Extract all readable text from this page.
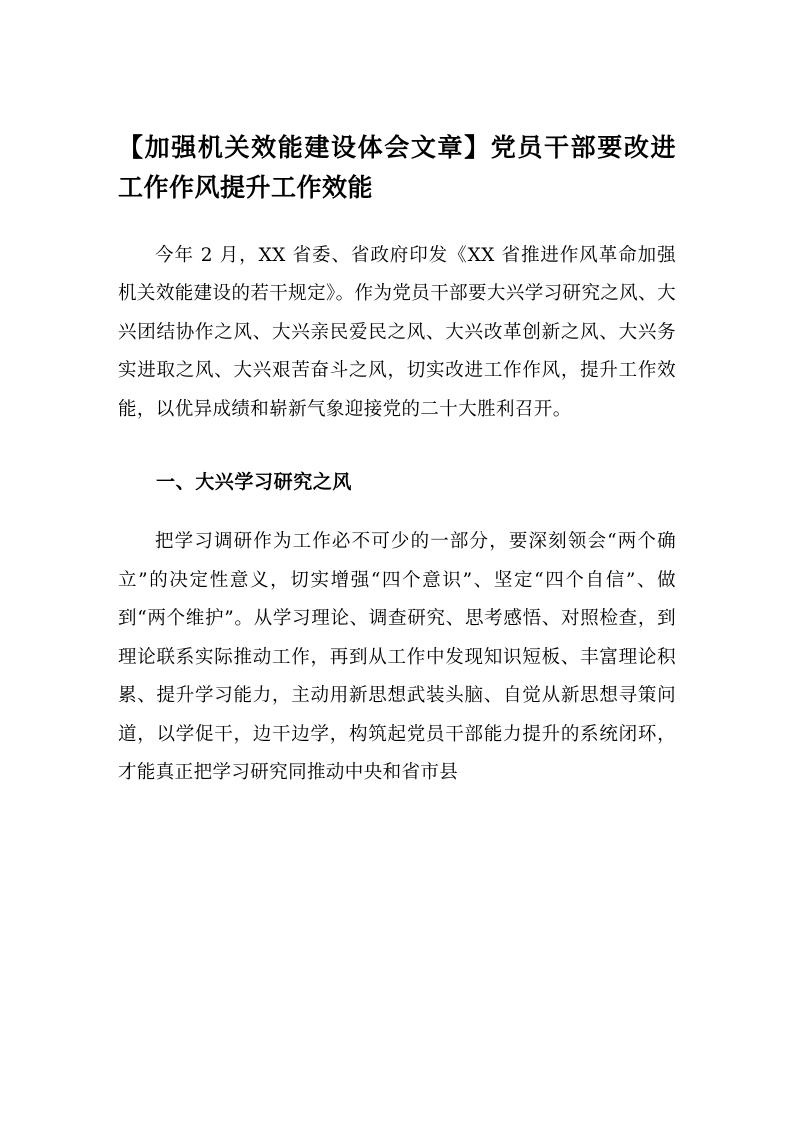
【加强机关效能建设体会文章】党员干部要改进工作作风提升工作效能

今年 2 月，XX 省委、省政府印发《XX 省推进作风革命加强机关效能建设的若干规定》。作为党员干部要大兴学习研究之风、大兴团结协作之风、大兴亲民爱民之风、大兴改革创新之风、大兴务实进取之风、大兴艰苦奋斗之风，切实改进工作作风，提升工作效能，以优异成绩和崭新气象迎接党的二十大胜利召开。

一、大兴学习研究之风

把学习调研作为工作必不可少的一部分，要深刻领会“两个确立”的决定性意义，切实增强“四个意识”、坚定“四个自信”、做到“两个维护”。从学习理论、调查研究、思考感悟、对照检查，到理论联系实际推动工作，再到从工作中发现知识短板、丰富理论积累、提升学习能力，主动用新思想武装头脑、自觉从新思想寻策问道，以学促干，边干边学，构筑起党员干部能力提升的系统闭环，才能真正把学习研究同推动中央和省市县
